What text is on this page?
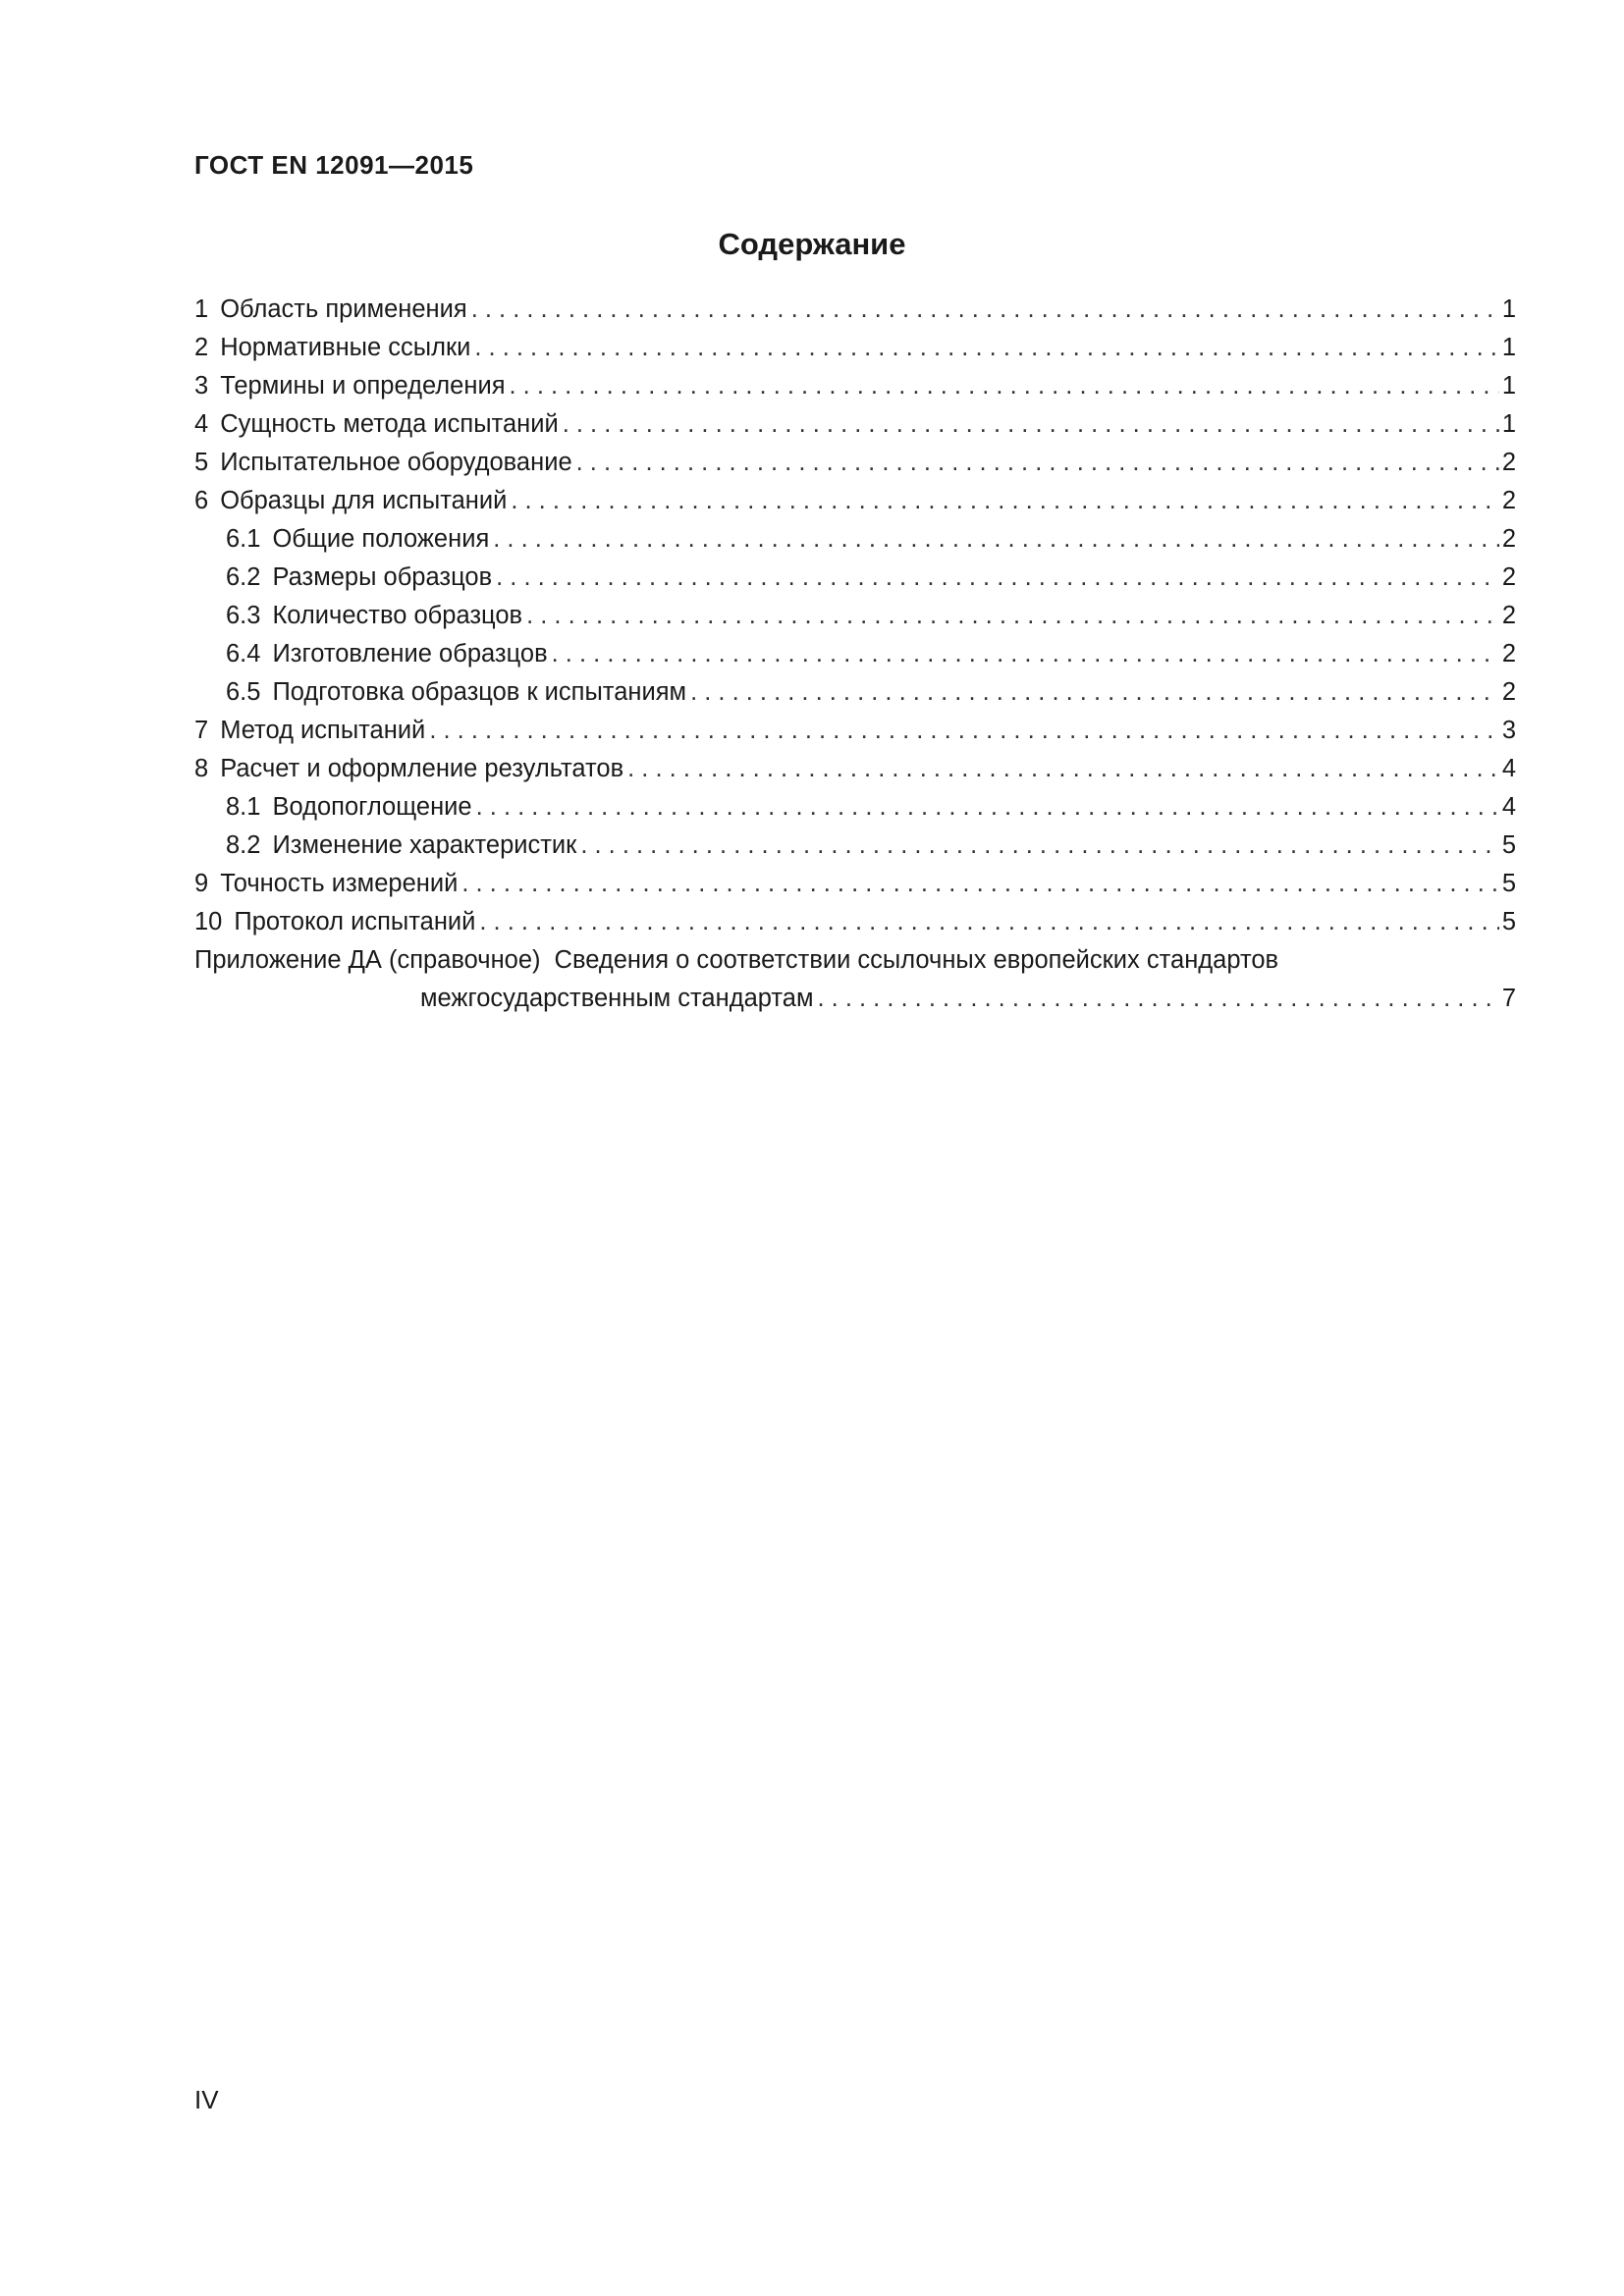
ГОСТ EN 12091—2015
Содержание
1 Область применения . . .	1
2 Нормативные ссылки . . .	1
3 Термины и определения . . .	1
4 Сущность метода испытаний . . .	1
5 Испытательное оборудование . . .	2
6 Образцы для испытаний . . .	2
6.1 Общие положения . . .	2
6.2 Размеры образцов . . .	2
6.3 Количество образцов . . .	2
6.4 Изготовление образцов . . .	2
6.5 Подготовка образцов к испытаниям . . .	2
7 Метод испытаний . . .	3
8 Расчет и оформление результатов . . .	4
8.1 Водопоглощение . . .	4
8.2 Изменение характеристик . . .	5
9 Точность измерений . . .	5
10 Протокол испытаний . . .	5
Приложение ДА (справочное) Сведения о соответствии ссылочных европейских стандартов
межгосударственным стандартам . . .	7
IV
